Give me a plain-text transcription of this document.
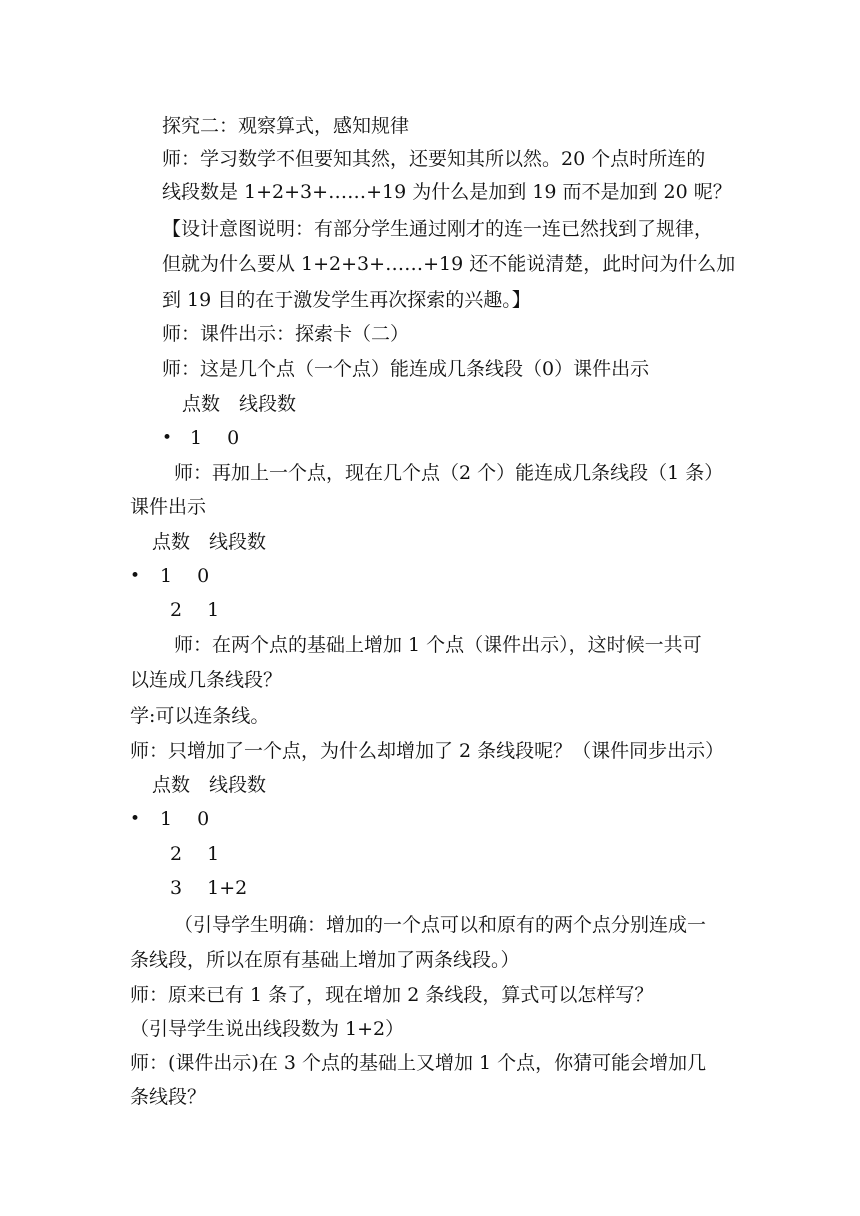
探究二：观察算式，感知规律
师：学习数学不但要知其然，还要知其所以然。20 个点时所连的
线段数是 1+2+3+……+19 为什么是加到 19 而不是加到 20 呢？
【设计意图说明：有部分学生通过刚才的连一连已然找到了规律，
但就为什么要从 1+2+3+……+19 还不能说清楚，此时问为什么加
到 19 目的在于激发学生再次探索的兴趣。】
师：课件出示：探索卡（二）
师：这是几个点（一个点）能连成几条线段（0）课件出示
点数　线段数
• 1　 0
师：再加上一个点，现在几个点（2 个）能连成几条线段（1 条）
课件出示
点数　线段数
• 1　 0
2　 1
师：在两个点的基础上增加 1 个点（课件出示），这时候一共可
以连成几条线段？
学:可以连条线。
师：只增加了一个点，为什么却增加了 2 条线段呢？（课件同步出示）
点数　线段数
• 1　 0
2　 1
3　 1+2
（引导学生明确：增加的一个点可以和原有的两个点分别连成一
条线段，所以在原有基础上增加了两条线段。）
师：原来已有 1 条了，现在增加 2 条线段，算式可以怎样写？
（引导学生说出线段数为 1+2）
师：(课件出示)在 3 个点的基础上又增加 1 个点，你猜可能会增加几
条线段？
